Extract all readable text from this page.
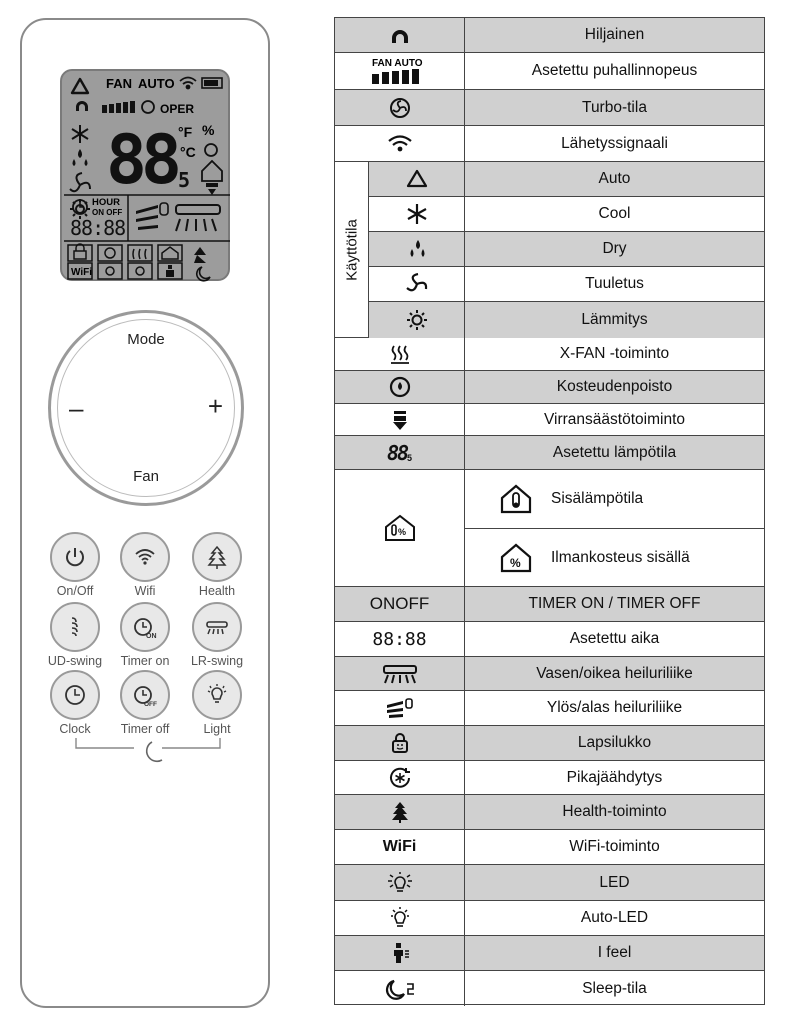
FAN AUTO
OPER
88 5
°F %
°C
HOUR
ON OFF
88:88
WiFi
Mode
–	+
Fan
On/Off	Wifi	Health
UD-swing
ON
Timer on	LR-swing
Clock
OFF
Timer off	Light
Hiljainen
FAN AUTO	Asetettu puhallinnopeus
Turbo-tila
Lähetyssignaali
Käyttötila
Auto
Cool
Dry
Tuuletus
Lämmitys
X-FAN -toiminto
Kosteudenpoisto
Virransäästötoiminto
88 5	Asetettu lämpötila
%
Sisälämpötila
% Ilmankosteus sisällä
ONOFF	TIMER ON / TIMER OFF
88:88	Asetettu aika
Vasen/oikea heiluriliike
Ylös/alas heiluriliike
Lapsilukko
Pikajäähdytys
Health-toiminto
WiFi	WiFi-toiminto
LED
Auto-LED
I feel
Sleep-tila
